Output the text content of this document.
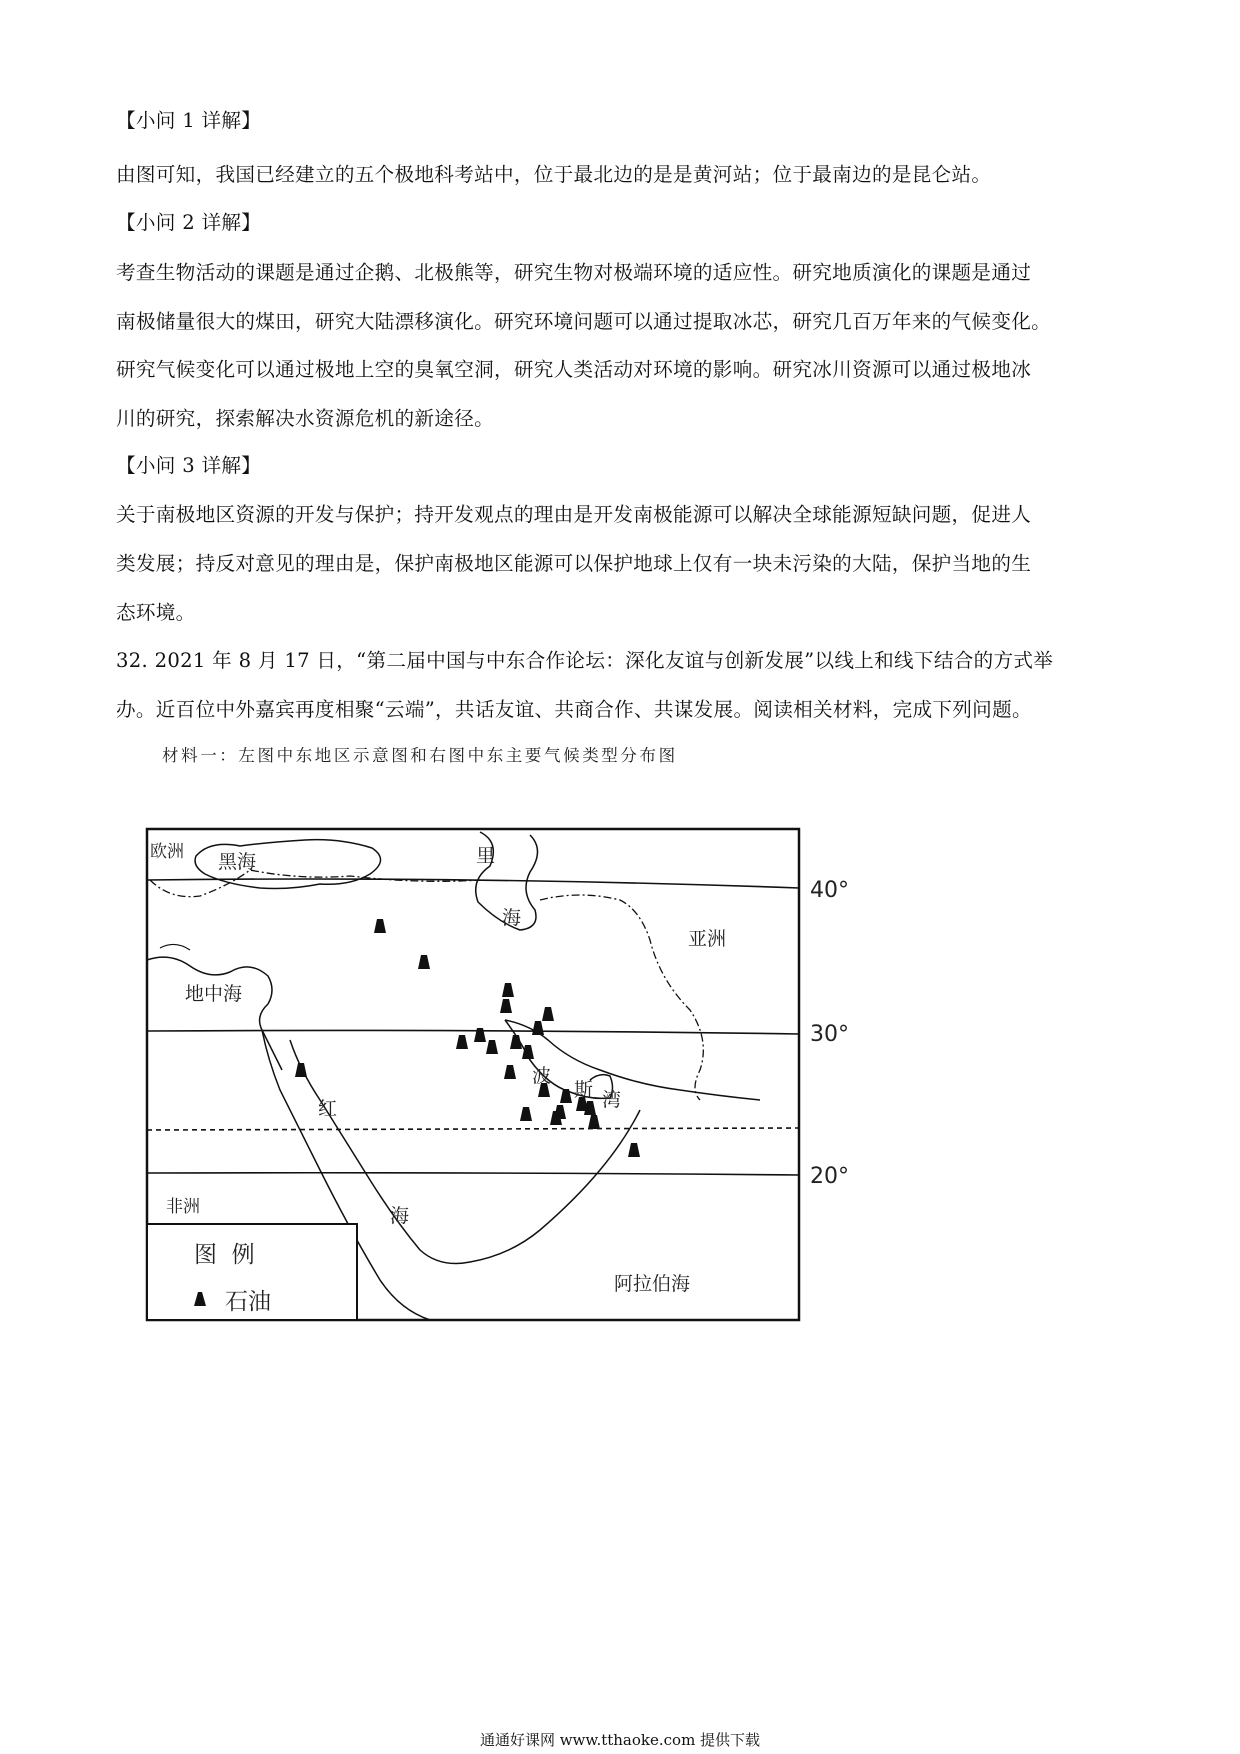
【小问 1 详解】
由图可知，我国已经建立的五个极地科考站中，位于最北边的是是黄河站；位于最南边的是昆仑站。
【小问 2 详解】
考查生物活动的课题是通过企鹅、北极熊等，研究生物对极端环境的适应性。研究地质演化的课题是通过
南极储量很大的煤田，研究大陆漂移演化。研究环境问题可以通过提取冰芯，研究几百万年来的气候变化。
研究气候变化可以通过极地上空的臭氧空洞，研究人类活动对环境的影响。研究冰川资源可以通过极地冰
川的研究，探索解决水资源危机的新途径。
【小问 3 详解】
关于南极地区资源的开发与保护；持开发观点的理由是开发南极能源可以解决全球能源短缺问题，促进人
类发展；持反对意见的理由是，保护南极地区能源可以保护地球上仅有一块未污染的大陆，保护当地的生
态环境。
32. 2021 年 8 月 17 日，“第二届中国与中东合作论坛：深化友谊与创新发展”以线上和线下结合的方式举
办。近百位中外嘉宾再度相聚“云端”，共话友谊、共商合作、共谋发展。阅读相关材料，完成下列问题。
材料一：左图中东地区示意图和右图中东主要气候类型分布图
40°
30°
20°
欧洲 黑海	里
海
亚洲
地中海
波
斯 湾
红
海
非洲
阿拉伯海
图  例
石油
通通好课网 www.tthaoke.com 提供下载
